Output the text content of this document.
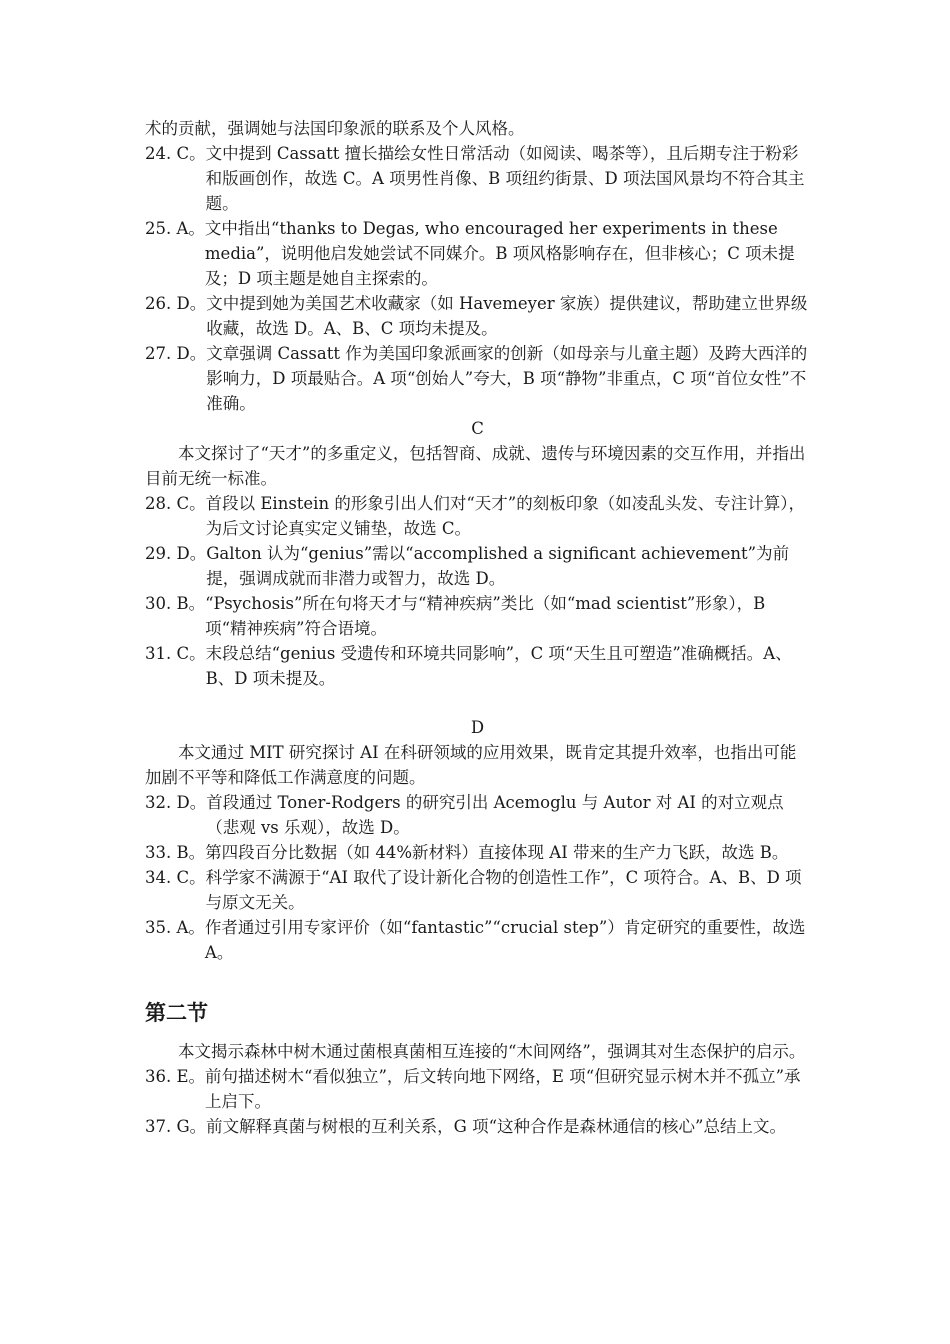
术的贡献，强调她与法国印象派的联系及个人风格。

24. C。 文中提到 Cassatt 擅长描绘女性日常活动（如阅读、喝茶等），且后期专注于粉彩和版画创作，故选 C。A 项男性肖像、B 项纽约街景、D 项法国风景均不符合其主题。
25. A。 文中指出“thanks to Degas, who encouraged her experiments in these media”，说明他启发她尝试不同媒介。B 项风格影响存在，但非核心；C 项未提及；D 项主题是她自主探索的。
26. D。 文中提到她为美国艺术收藏家（如 Havemeyer 家族）提供建议，帮助建立世界级收藏，故选 D。A、B、C 项均未提及。
27. D。 文章强调 Cassatt 作为美国印象派画家的创新（如母亲与儿童主题）及跨大西洋的影响力，D 项最贴合。A 项“创始人”夸大，B 项“静物”非重点，C 项“首位女性”不准确。

C

本文探讨了“天才”的多重定义，包括智商、成就、遗传与环境因素的交互作用，并指出目前无统一标准。

28. C。 首段以 Einstein 的形象引出人们对“天才”的刻板印象（如凌乱头发、专注计算），为后文讨论真实定义铺垫，故选 C。
29. D。 Galton 认为“genius”需以“accomplished a significant achievement”为前提，强调成就而非潜力或智力，故选 D。
30. B。 “Psychosis”所在句将天才与“精神疾病”类比（如“mad scientist”形象），B 项“精神疾病”符合语境。
31. C。 末段总结“genius 受遗传和环境共同影响”，C 项“天生且可塑造”准确概括。A、B、D 项未提及。

D

本文通过 MIT 研究探讨 AI 在科研领域的应用效果，既肯定其提升效率，也指出可能加剧不平等和降低工作满意度的问题。

32. D。 首段通过 Toner-Rodgers 的研究引出 Acemoglu 与 Autor 对 AI 的对立观点（悲观 vs 乐观），故选 D。
33. B。 第四段百分比数据（如 44%新材料）直接体现 AI 带来的生产力飞跃，故选 B。
34. C。 科学家不满源于“AI 取代了设计新化合物的创造性工作”，C 项符合。A、B、D 项与原文无关。
35. A。 作者通过引用专家评价（如“fantastic”“crucial step”）肯定研究的重要性，故选 A。
第二节

本文揭示森林中树木通过菌根真菌相互连接的“木间网络”，强调其对生态保护的启示。

36. E。 前句描述树木“看似独立”，后文转向地下网络，E 项“但研究显示树木并不孤立”承上启下。
37. G。 前文解释真菌与树根的互利关系，G 项“这种合作是森林通信的核心”总结上文。
